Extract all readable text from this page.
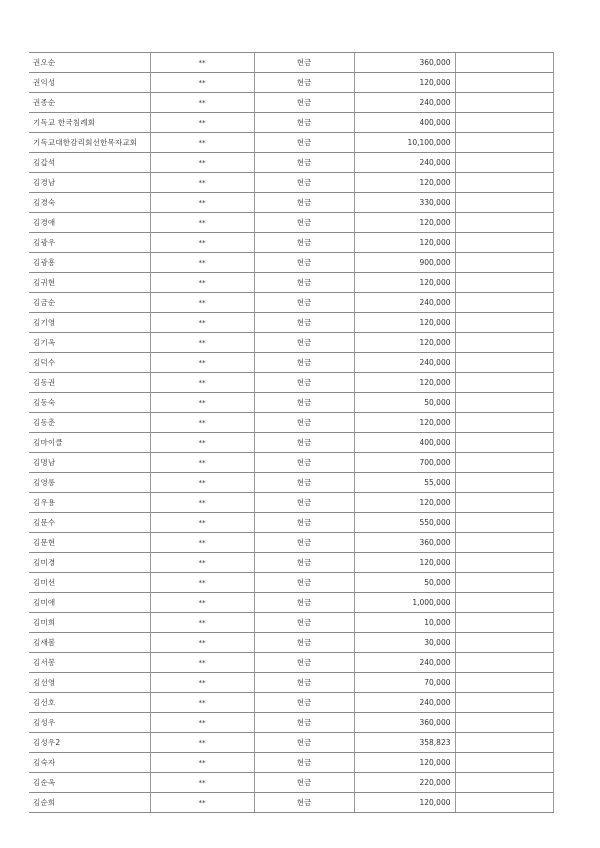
권오순	**	현금	360,000	
권익성	**	현금	120,000	
권종순	**	현금	240,000	
기독교 한국침례회	**	현금	400,000	
기독교대한감리회선한목자교회	**	현금	10,100,000	
김갑석	**	현금	240,000	
김경남	**	현금	120,000	
김경숙	**	현금	330,000	
김경애	**	현금	120,000	
김광우	**	현금	120,000	
김광흥	**	현금	900,000	
김귀현	**	현금	120,000	
김금순	**	현금	240,000	
김기영	**	현금	120,000	
김기옥	**	현금	120,000	
김덕수	**	현금	240,000	
김동권	**	현금	120,000	
김동숙	**	현금	50,000	
김동춘	**	현금	120,000	
김마이클	**	현금	400,000	
김명남	**	현금	700,000	
김영롱	**	현금	55,000	
김우용	**	현금	120,000	
김문수	**	현금	550,000	
김문현	**	현금	360,000	
김미경	**	현금	120,000	
김미선	**	현금	50,000	
김미애	**	현금	1,000,000	
김미희	**	현금	10,000	
김새봄	**	현금	30,000	
김서봉	**	현금	240,000	
김선영	**	현금	70,000	
김선호	**	현금	240,000	
김성우	**	현금	360,000	
김성우2	**	현금	358,823	
김숙자	**	현금	120,000	
김순옥	**	현금	220,000	
김순희	**	현금	120,000	
